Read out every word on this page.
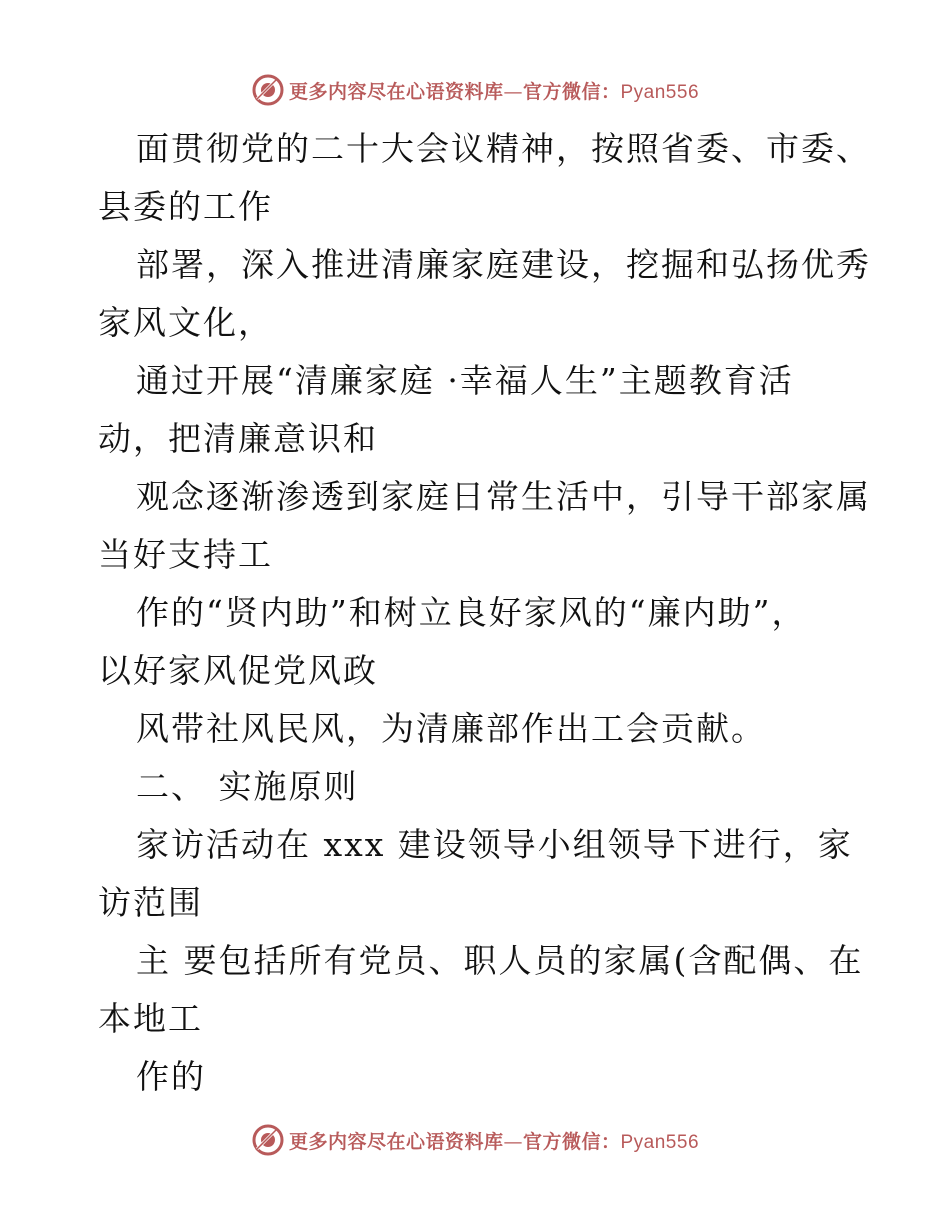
更多内容尽在心语资料库—官方微信：Pyan556
面贯彻党的二十大会议精神，按照省委、市委、
县委的工作
部署，深入推进清廉家庭建设，挖掘和弘扬优秀
家风文化，
通过开展“清廉家庭 ·幸福人生”主题教育活
动，把清廉意识和
观念逐渐渗透到家庭日常生活中，引导干部家属
当好支持工
作的“贤内助”和树立良好家风的“廉内助”，
以好家风促党风政
风带社风民风，为清廉部作出工会贡献。
二、 实施原则
家访活动在 xxx 建设领导小组领导下进行，家
访范围
主 要包括所有党员、职人员的家属(含配偶、在
本地工
作的
更多内容尽在心语资料库—官方微信：Pyan556
